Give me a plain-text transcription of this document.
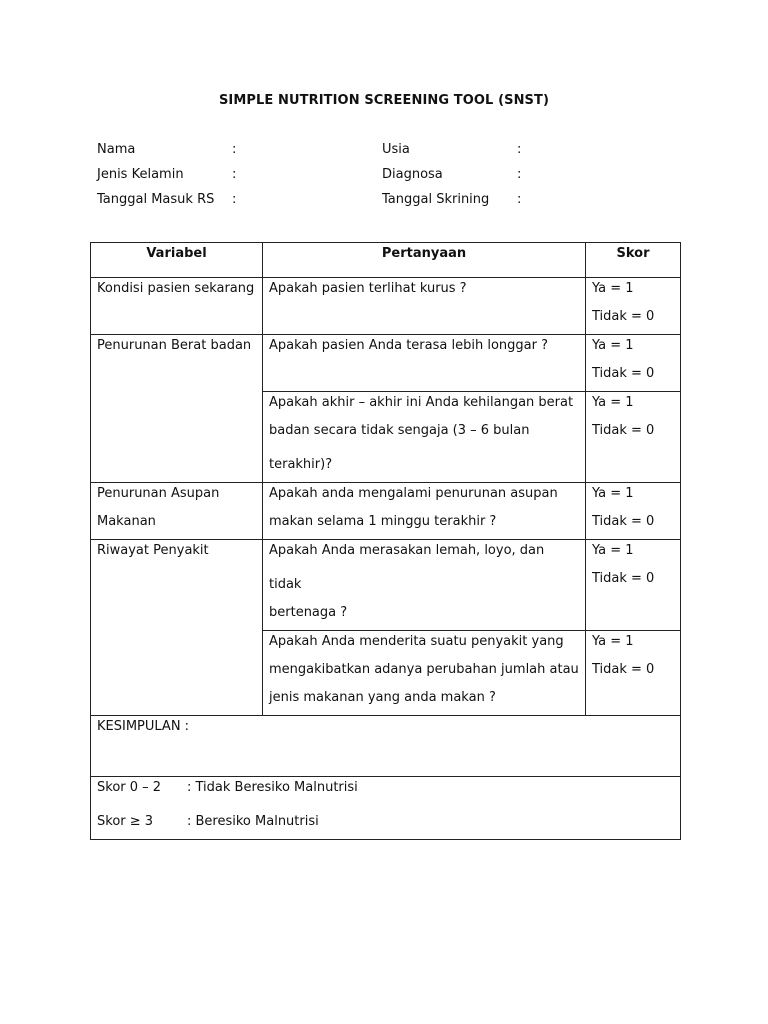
SIMPLE NUTRITION SCREENING TOOL (SNST)
Nama	:	Usia	:
Jenis Kelamin	:	Diagnosa	:
Tanggal Masuk RS :	Tanggal Skrining :
Variabel	Pertanyaan	Skor

Kondisi pasien sekarang	Apakah pasien terlihat kurus ?	Ya = 1
Tidak = 0

Penurunan Berat badan	Apakah pasien Anda terasa lebih longgar ?	Ya = 1
Tidak = 0

	Apakah akhir – akhir ini Anda kehilangan berat
badan secara tidak sengaja (3 – 6 bulan terakhir)?	Ya = 1
Tidak = 0

Penurunan Asupan
Makanan	Apakah anda mengalami penurunan asupan
makan selama 1 minggu terakhir ?	Ya = 1
Tidak = 0

Riwayat Penyakit	Apakah Anda merasakan lemah, loyo, dan tidak
bertenaga ?	Ya = 1
Tidak = 0

	Apakah Anda menderita suatu penyakit yang
mengakibatkan adanya perubahan jumlah atau
jenis makanan yang anda makan ?	Ya = 1
Tidak = 0

KESIMPULAN :		

Skor 0 – 2 : Tidak Beresiko Malnutrisi
Skor ≥ 3 : Beresiko Malnutrisi		
